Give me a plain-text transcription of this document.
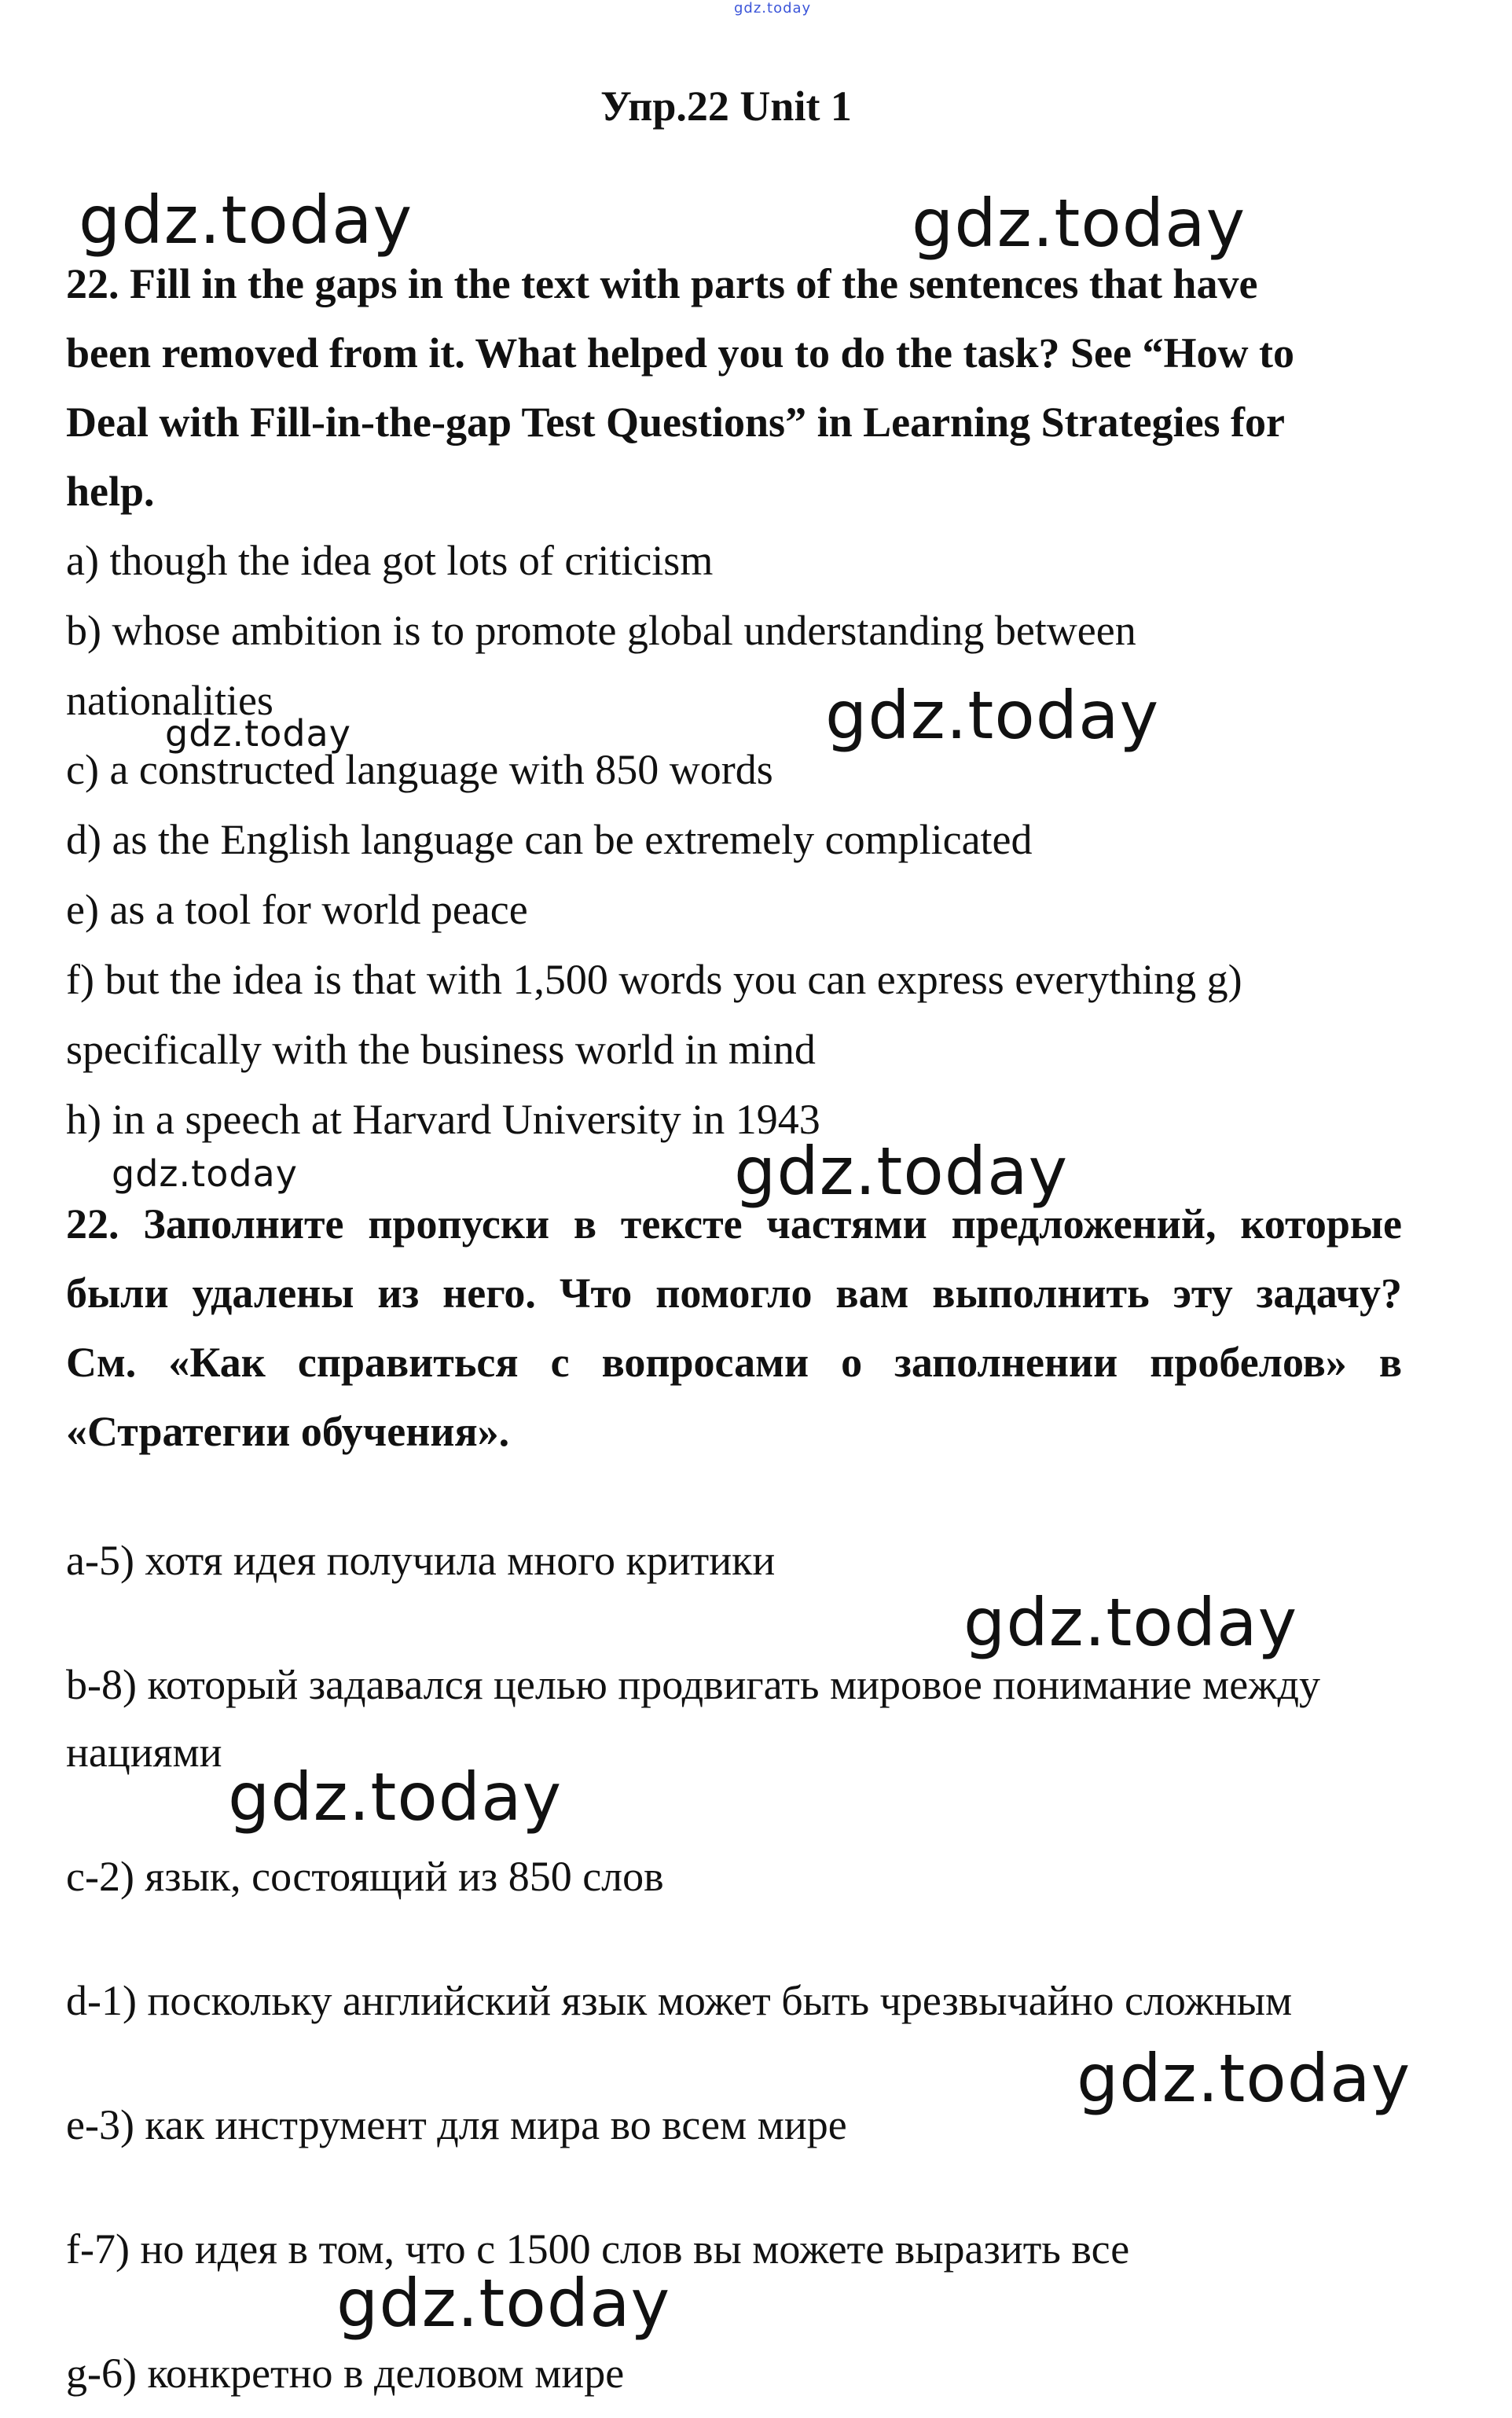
gdz.today
Упр.22 Unit 1
gdz.today	gdz.today
22. Fill in the gaps in the text with parts of the sentences that have
been removed from it. What helped you to do the task? See “How to
Deal with Fill-in-the-gap Test Questions” in Learning Strategies for
help.
a) though the idea got lots of criticism
b) whose ambition is to promote global understanding between
nationalities
gdz.today	gdz.today
c) a constructed language with 850 words
d) as the English language can be extremely complicated
e) as a tool for world peace
f) but the idea is that with 1,500 words you can express everything g)
specifically with the business world in mind
h) in a speech at Harvard University in 1943
gdz.today	gdz.today
22. Заполните пропуски в тексте частями предложений, которые
были удалены из него. Что помогло вам выполнить эту задачу?
См. «Как справиться с вопросами о заполнении пробелов» в
«Стратегии обучения».
a-5) хотя идея получила много критики
gdz.today
b-8) который задавался целью продвигать мировое понимание между
нациями
gdz.today
c-2) язык, состоящий из 850 слов
d-1) поскольку английский язык может быть чрезвычайно сложным
gdz.today
e-3) как инструмент для мира во всем мире
f-7) но идея в том, что с 1500 слов вы можете выразить все
gdz.today
g-6) конкретно в деловом мире
